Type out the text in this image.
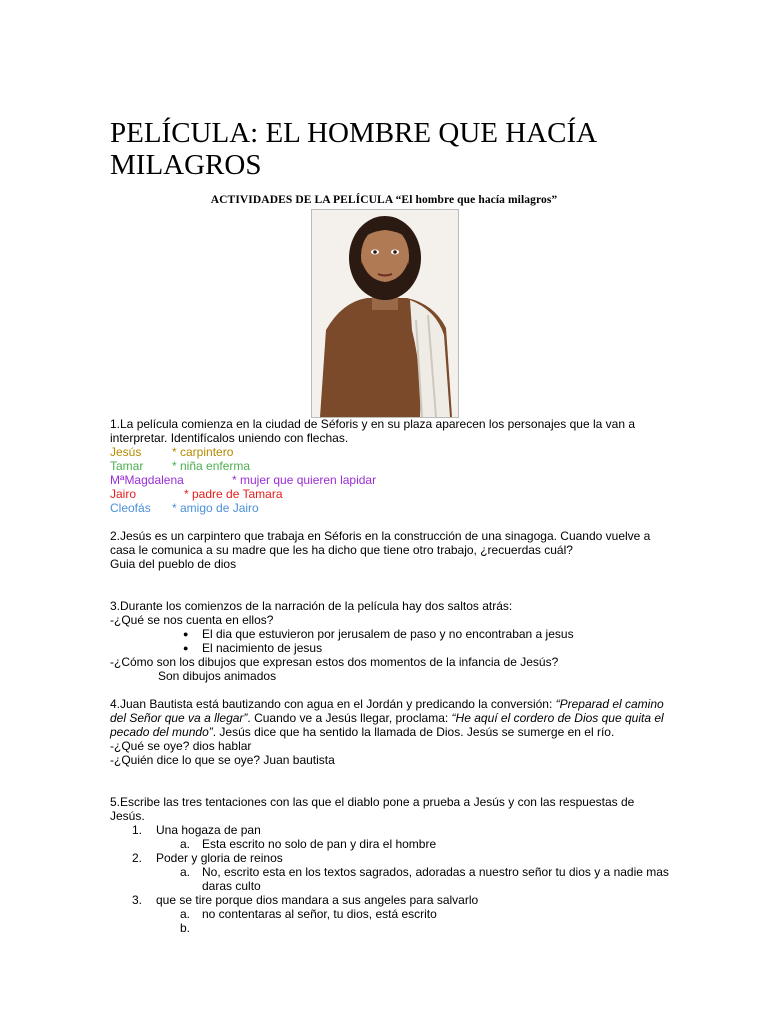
PELÍCULA: EL HOMBRE QUE HACÍA MILAGROS
ACTIVIDADES DE LA PELÍCULA “El hombre que hacía milagros”
1.La película comienza en la ciudad de Séforis y en su plaza aparecen los personajes que la van a interpretar. Identifícalos uniendo con flechas.
Jesús	* carpintero
Tamar * niña enferma
MªMagdalena	* mujer que quieren lapidar
Jairo	* padre de Tamara
Cleofás * amigo de Jairo
2.Jesús es un carpintero que trabaja en Séforis en la construcción de una sinagoga. Cuando vuelve a casa le comunica a su madre que les ha dicho que tiene otro trabajo, ¿recuerdas cuál?
Guia del pueblo de dios
3.Durante los comienzos de la narración de la película hay dos saltos atrás:
-¿Qué se nos cuenta en ellos?
● El dia que estuvieron por jerusalem de paso y no encontraban a jesus
● El nacimiento de jesus
-¿Cómo son los dibujos que expresan estos dos momentos de la infancia de Jesús?
Son dibujos animados
4.Juan Bautista está bautizando con agua en el Jordán y predicando la conversión: “Preparad el camino del Señor que va a llegar”. Cuando ve a Jesús llegar, proclama: “He aquí el cordero de Dios que quita el pecado del mundo”. Jesús dice que ha sentido la llamada de Dios. Jesús se sumerge en el río.
-¿Qué se oye? dios hablar
-¿Quién dice lo que se oye? Juan bautista
5.Escribe las tres tentaciones con las que el diablo pone a prueba a Jesús y con las respuestas de Jesús.
1. Una hogaza de pan
a. Esta escrito no solo de pan y dira el hombre
2. Poder y gloria de reinos
a. No, escrito esta en los textos sagrados, adoradas a nuestro señor tu dios y a nadie mas daras culto
3. que se tire porque dios mandara a sus angeles para salvarlo
a. no contentaras al señor, tu dios, está escrito
b.
